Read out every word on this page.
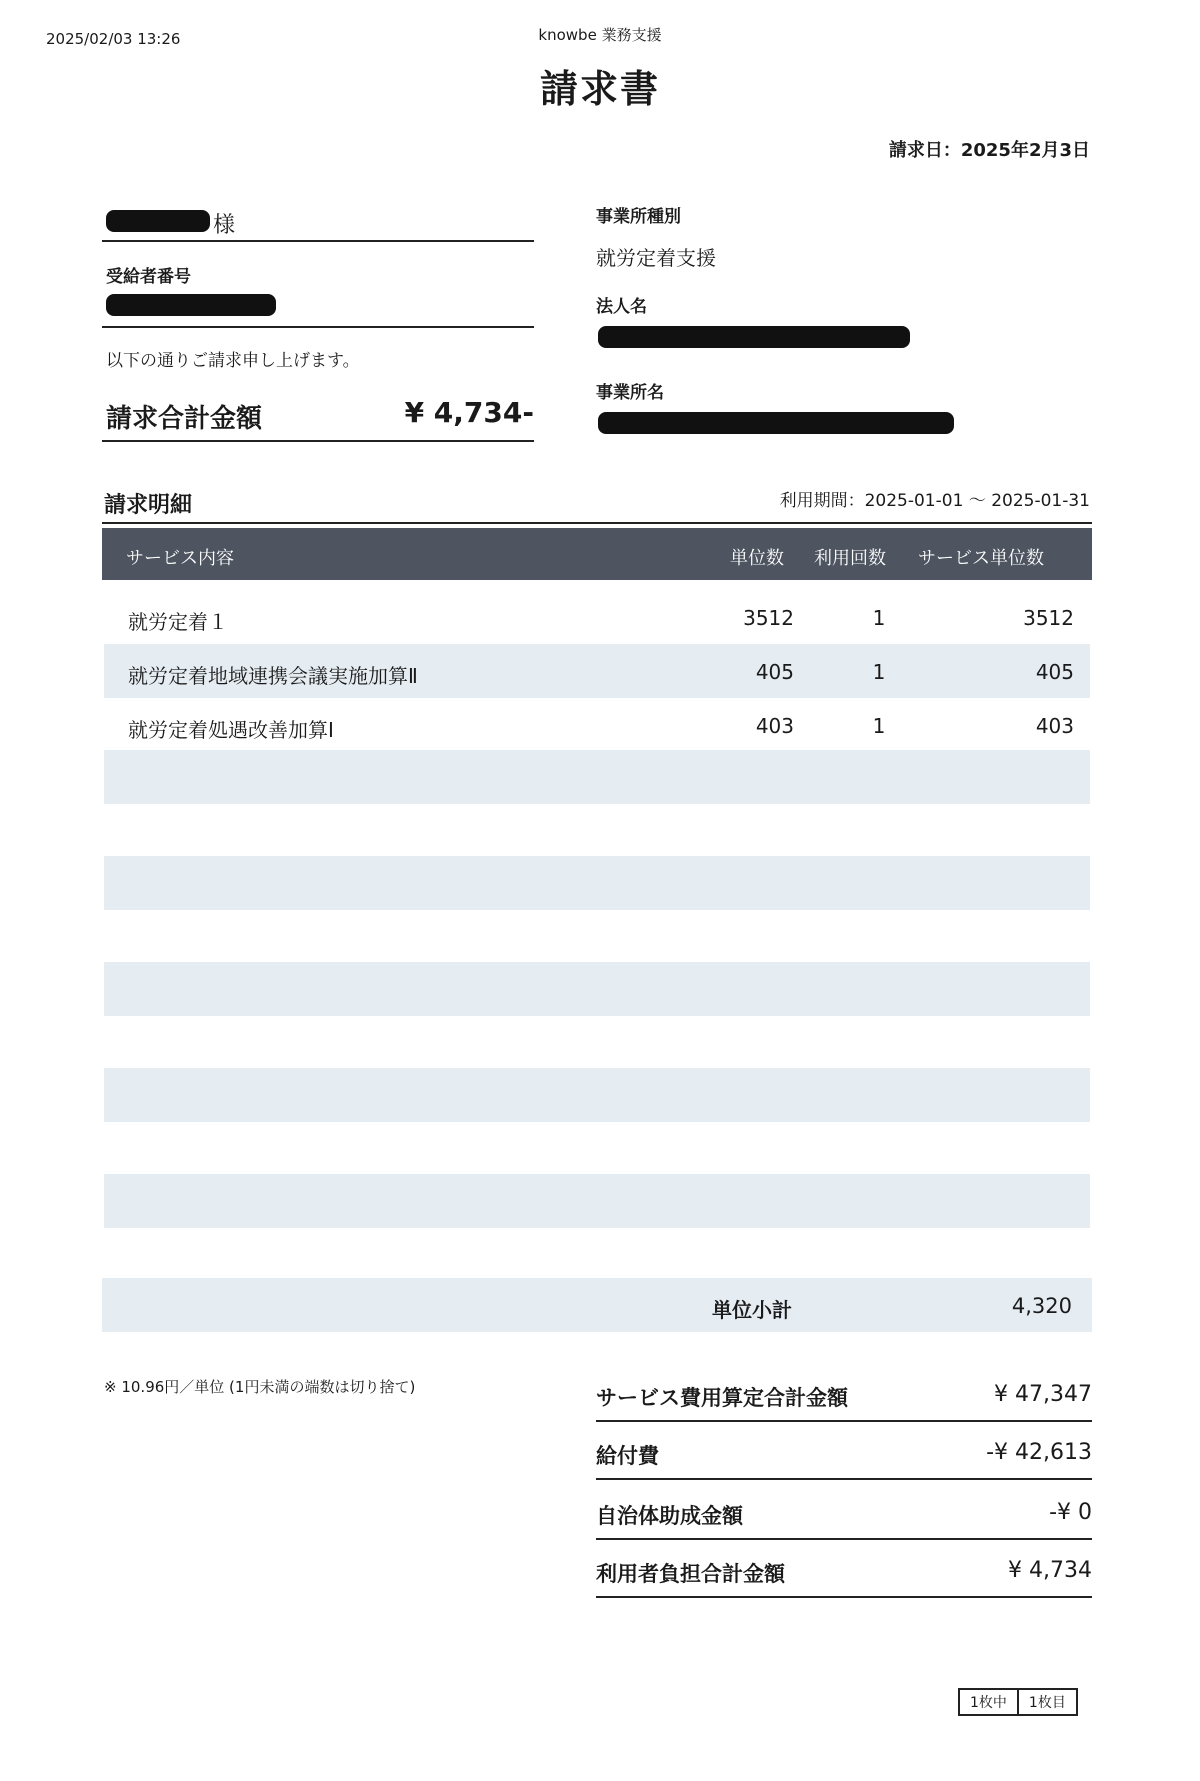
2025/02/03 13:26	knowbe 業務支援
請求書
請求日：2025年2月3日
様
受給者番号
以下の通りご請求申し上げます。
請求合計金額	¥ 4,734-
事業所種別
就労定着支援
法人名
事業所名
請求明細	利用期間：2025-01-01 ～ 2025-01-31
サービス内容	単位数 利用回数 サービス単位数
就労定着１	3512	1	3512
就労定着地域連携会議実施加算Ⅱ	405	1	405
就労定着処遇改善加算Ⅰ	403	1	403
単位小計	4,320
※ 10.96円／単位 (1円未満の端数は切り捨て)	サービス費用算定合計金額	¥ 47,347
給付費	-¥ 42,613
自治体助成金額	-¥ 0
利用者負担合計金額	¥ 4,734
1枚中	1枚目
